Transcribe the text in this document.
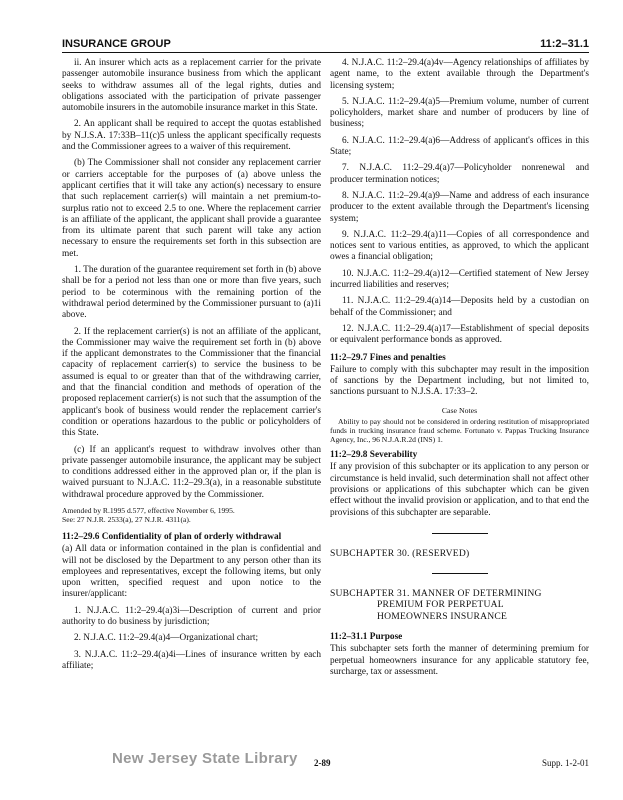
INSURANCE GROUP	11:2–31.1

ii. An insurer which acts as a replacement carrier for the private passenger automobile insurance business from which the applicant seeks to withdraw assumes all of the legal rights, duties and obligations associated with the participation of private passenger automobile insurers in the automobile insurance market in this State.

2. An applicant shall be required to accept the quotas established by N.J.S.A. 17:33B–11(c)5 unless the applicant specifically requests and the Commissioner agrees to a waiver of this requirement.

(b) The Commissioner shall not consider any replacement carrier or carriers acceptable for the purposes of (a) above unless the applicant certifies that it will take any action(s) necessary to ensure that such replacement carrier(s) will maintain a net premium-to-surplus ratio not to exceed 2.5 to one. Where the replacement carrier is an affiliate of the applicant, the applicant shall provide a guarantee from its ultimate parent that such parent will take any action necessary to ensure the requirements set forth in this subsection are met.

1. The duration of the guarantee requirement set forth in (b) above shall be for a period not less than one or more than five years, such period to be coterminous with the remaining portion of the withdrawal period determined by the Commissioner pursuant to (a)1i above.

2. If the replacement carrier(s) is not an affiliate of the applicant, the Commissioner may waive the requirement set forth in (b) above if the applicant demonstrates to the Commissioner that the financial capacity of replacement carrier(s) to service the business to be assumed is equal to or greater than that of the withdrawing carrier, and that the financial condition and methods of operation of the proposed replacement carrier(s) is not such that the assumption of the applicant's book of business would render the replacement carrier's condition or operations hazardous to the public or policyholders of this State.

(c) If an applicant's request to withdraw involves other than private passenger automobile insurance, the applicant may be subject to conditions addressed either in the approved plan or, if the plan is waived pursuant to N.J.A.C. 11:2–29.3(a), in a reasonable substitute withdrawal procedure approved by the Commissioner.

Amended by R.1995 d.577, effective November 6, 1995.
See: 27 N.J.R. 2533(a), 27 N.J.R. 4311(a).
11:2–29.6 Confidentiality of plan of orderly withdrawal

(a) All data or information contained in the plan is confidential and will not be disclosed by the Department to any person other than its employees and representatives, except the following items, but only upon written, specified request and upon notice to the insurer/applicant:

1. N.J.A.C. 11:2–29.4(a)3i—Description of current and prior authority to do business by jurisdiction;

2. N.J.A.C. 11:2–29.4(a)4—Organizational chart;

3. N.J.A.C. 11:2–29.4(a)4i—Lines of insurance written by each affiliate;

4. N.J.A.C. 11:2–29.4(a)4v—Agency relationships of affiliates by agent name, to the extent available through the Department's licensing system;

5. N.J.A.C. 11:2–29.4(a)5—Premium volume, number of current policyholders, market share and number of producers by line of business;

6. N.J.A.C. 11:2–29.4(a)6—Address of applicant's offices in this State;

7. N.J.A.C. 11:2–29.4(a)7—Policyholder nonrenewal and producer termination notices;

8. N.J.A.C. 11:2–29.4(a)9—Name and address of each insurance producer to the extent available through the Department's licensing system;

9. N.J.A.C. 11:2–29.4(a)11—Copies of all correspondence and notices sent to various entities, as approved, to which the applicant owes a financial obligation;

10. N.J.A.C. 11:2–29.4(a)12—Certified statement of New Jersey incurred liabilities and reserves;

11. N.J.A.C. 11:2–29.4(a)14—Deposits held by a custodian on behalf of the Commissioner; and

12. N.J.A.C. 11:2–29.4(a)17—Establishment of special deposits or equivalent performance bonds as approved.

11:2–29.7 Fines and penalties

Failure to comply with this subchapter may result in the imposition of sanctions by the Department including, but not limited to, sanctions pursuant to N.J.S.A. 17:33–2.

Case Notes

Ability to pay should not be considered in ordering restitution of misappropriated funds in trucking insurance fraud scheme. Fortunato v. Pappas Trucking Insurance Agency, Inc., 96 N.J.A.R.2d (INS) 1.

11:2–29.8 Severability

If any provision of this subchapter or its application to any person or circumstance is held invalid, such determination shall not affect other provisions or applications of this subchapter which can be given effect without the invalid provision or application, and to that end the provisions of this subchapter are separable.

SUBCHAPTER 30. (RESERVED)

SUBCHAPTER 31. MANNER OF DETERMINING
PREMIUM FOR PERPETUAL
HOMEOWNERS INSURANCE

11:2–31.1 Purpose

This subchapter sets forth the manner of determining premium for perpetual homeowners insurance for any applicable statutory fee, surcharge, tax or assessment.

New Jersey State Library 2-89	Supp. 1-2-01
